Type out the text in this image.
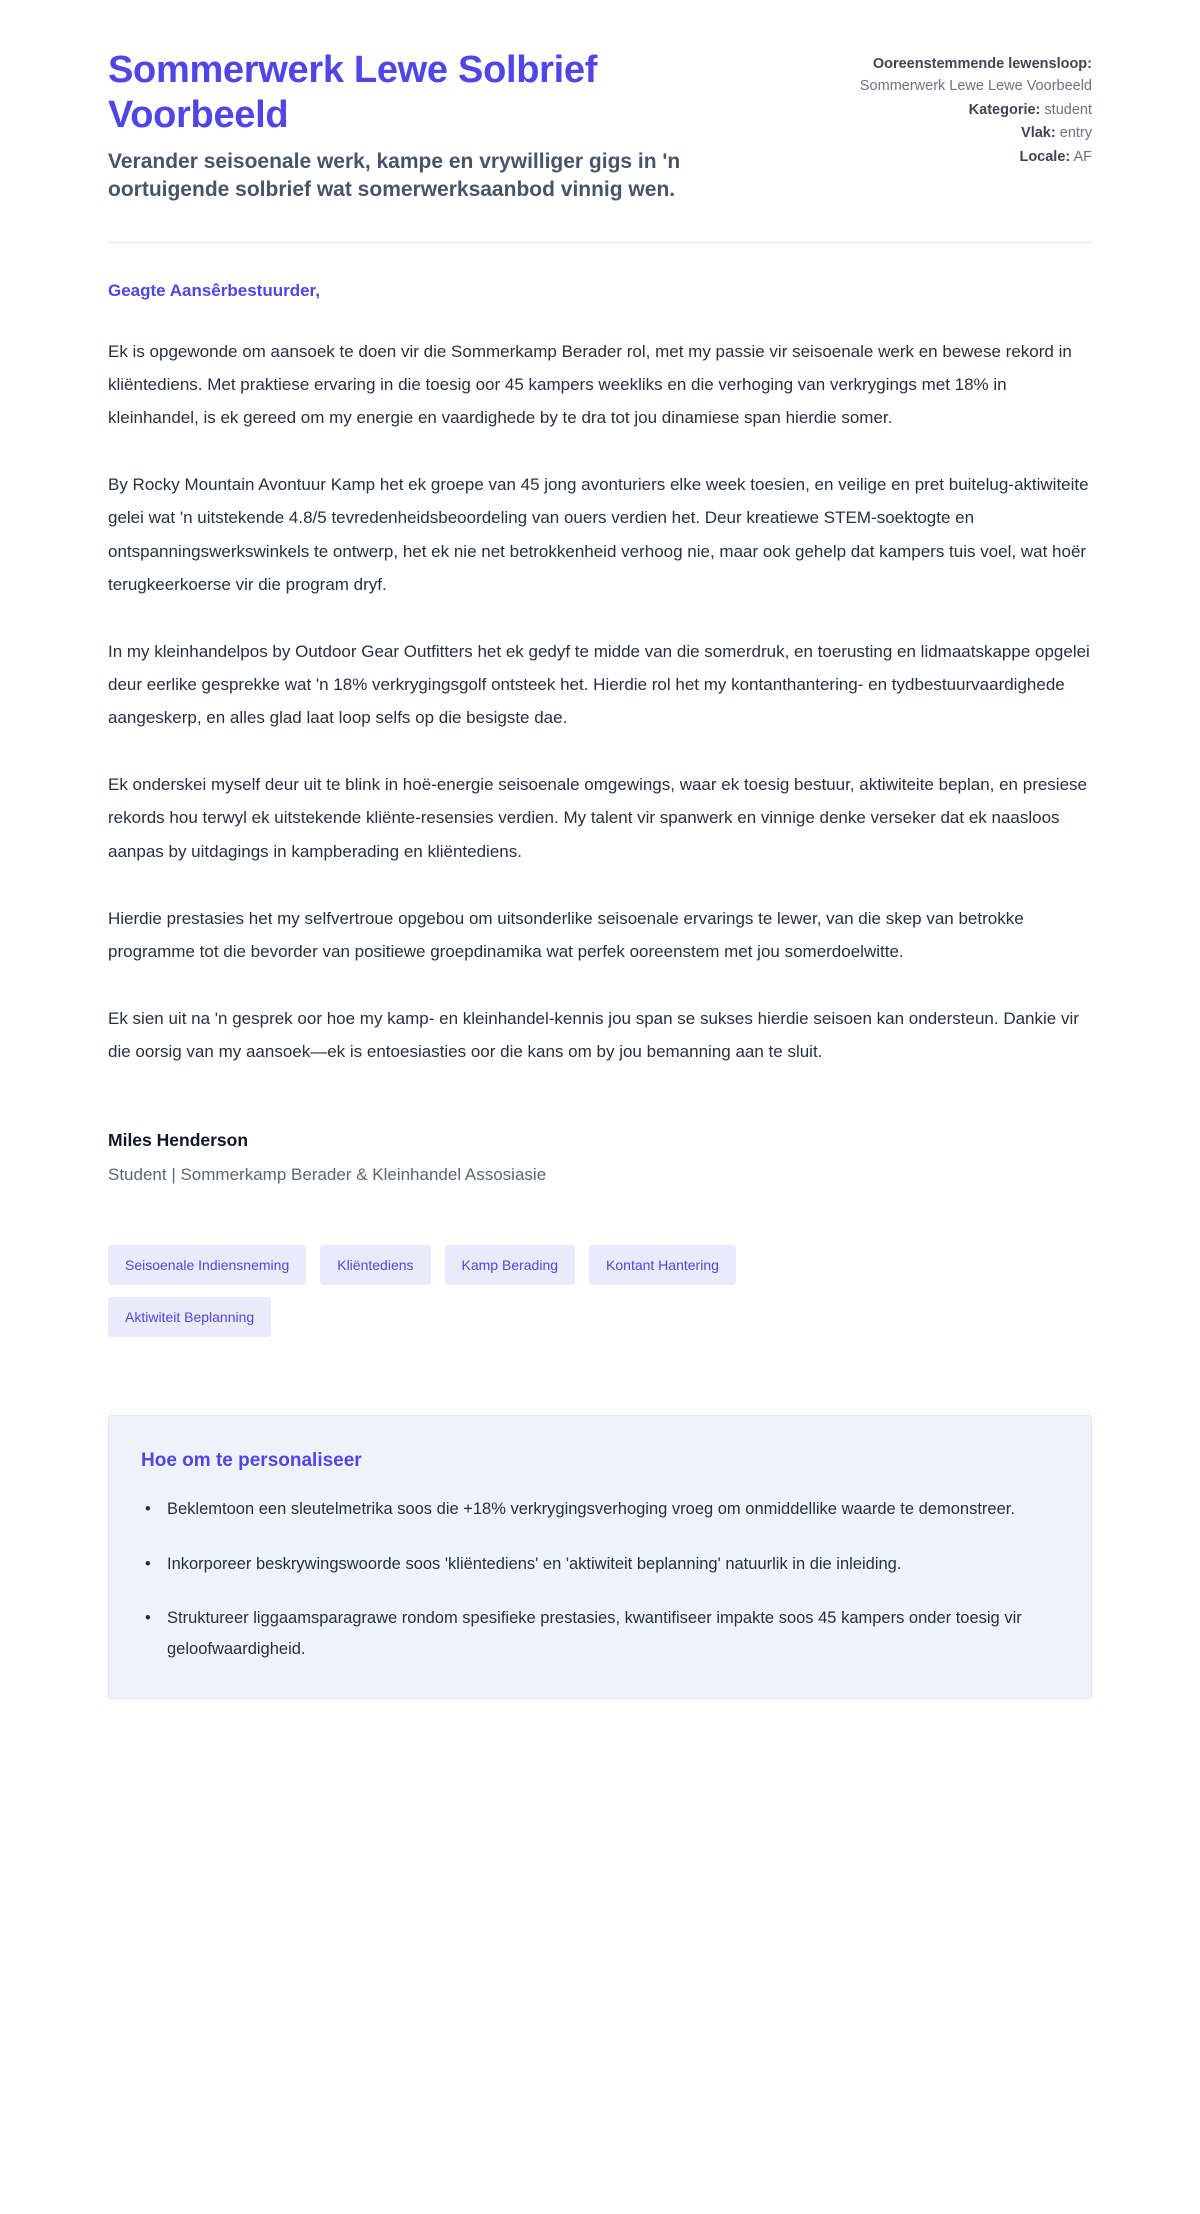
Sommerwerk Lewe Solbrief Voorbeeld

Verander seisoenale werk, kampe en vrywilliger gigs in 'n oortuigende solbrief wat somerwerksaanbod vinnig wen.

Ooreenstemmende lewensloop: Sommerwerk Lewe Lewe Voorbeeld
Kategorie: student
Vlak: entry
Locale: AF

Geagte Aansêrbestuurder,

Ek is opgewonde om aansoek te doen vir die Sommerkamp Berader rol, met my passie vir seisoenale werk en bewese rekord in kliëntediens. Met praktiese ervaring in die toesig oor 45 kampers weekliks en die verhoging van verkrygings met 18% in kleinhandel, is ek gereed om my energie en vaardighede by te dra tot jou dinamiese span hierdie somer.

By Rocky Mountain Avontuur Kamp het ek groepe van 45 jong avonturiers elke week toesien, en veilige en pret buitelug-aktiwiteite gelei wat 'n uitstekende 4.8/5 tevredenheidsbeoordeling van ouers verdien het. Deur kreatiewe STEM-soektogte en ontspanningswerkswinkels te ontwerp, het ek nie net betrokkenheid verhoog nie, maar ook gehelp dat kampers tuis voel, wat hoër terugkeerkoerse vir die program dryf.

In my kleinhandelpos by Outdoor Gear Outfitters het ek gedyf te midde van die somerdruk, en toerusting en lidmaatskappe opgelei deur eerlike gesprekke wat 'n 18% verkrygingsgolf ontsteek het. Hierdie rol het my kontanthantering- en tydbestuurvaardighede aangeskerp, en alles glad laat loop selfs op die besigste dae.

Ek onderskei myself deur uit te blink in hoë-energie seisoenale omgewings, waar ek toesig bestuur, aktiwiteite beplan, en presiese rekords hou terwyl ek uitstekende kliënte-resensies verdien. My talent vir spanwerk en vinnige denke verseker dat ek naasloos aanpas by uitdagings in kampberading en kliëntediens.

Hierdie prestasies het my selfvertroue opgebou om uitsonderlike seisoenale ervarings te lewer, van die skep van betrokke programme tot die bevorder van positiewe groepdinamika wat perfek ooreenstem met jou somerdoelwitte.

Ek sien uit na 'n gesprek oor hoe my kamp- en kleinhandel-kennis jou span se sukses hierdie seisoen kan ondersteun. Dankie vir die oorsig van my aansoek—ek is entoesiasties oor die kans om by jou bemanning aan te sluit.

Miles Henderson

Student | Sommerkamp Berader & Kleinhandel Assosiasie

Seisoenale Indiensneming	Kliëntediens	Kamp Berading	Kontant Hantering
Aktiwiteit Beplanning
Hoe om te personaliseer
• Beklemtoon een sleutelmetrika soos die +18% verkrygingsverhoging vroeg om onmiddellike waarde te demonstreer.
• Inkorporeer beskrywingswoorde soos 'kliëntediens' en 'aktiwiteit beplanning' natuurlik in die inleiding.
• Struktureer liggaamsparagrawe rondom spesifieke prestasies, kwantifiseer impakte soos 45 kampers onder toesig vir geloofwaardigheid.
